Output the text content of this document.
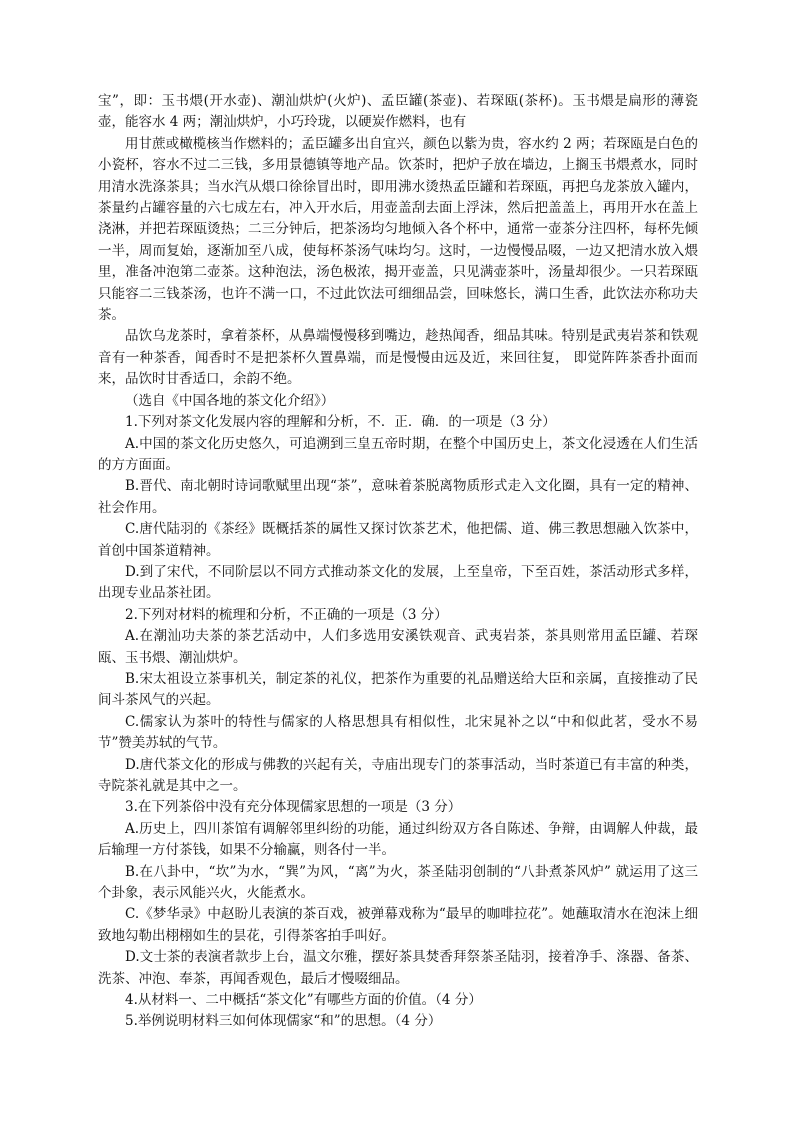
宝”，即：玉书煨(开水壶)、潮汕烘炉(火炉)、孟臣罐(茶壶)、若琛瓯(茶杯)。玉书煨是扁形的薄瓷壶，能容水 4 两；潮汕烘炉，小巧玲珑，以硬炭作燃料，也有

用甘蔗或橄榄核当作燃料的；孟臣罐多出自宜兴，颜色以紫为贵，容水约 2 两；若琛瓯是白色的小瓷杯，容水不过二三钱，多用景德镇等地产品。饮茶时，把炉子放在墙边，上搁玉书煨煮水，同时用清水洗涤茶具；当水汽从煨口徐徐冒出时，即用沸水烫热孟臣罐和若琛瓯，再把乌龙茶放入罐内，茶量约占罐容量的六七成左右，冲入开水后，用壶盖刮去面上浮沫，然后把盖盖上，再用开水在盖上浇淋，并把若琛瓯烫热；二三分钟后，把茶汤均匀地倾入各个杯中，通常一壶茶分注四杯，每杯先倾一半，周而复始，逐渐加至八成，使每杯茶汤气味均匀。这时，一边慢慢品啜，一边又把清水放入煨里，准备冲泡第二壶茶。这种泡法，汤色极浓，揭开壶盖，只见满壶茶叶，汤量却很少。一只若琛瓯只能容二三钱茶汤，也许不满一口，不过此饮法可细细品尝，回味悠长，满口生香，此饮法亦称功夫茶。

品饮乌龙茶时，拿着茶杯，从鼻端慢慢移到嘴边，趁热闻香，细品其味。特别是武夷岩茶和铁观音有一种茶香，闻香时不是把茶杯久置鼻端，而是慢慢由远及近，来回往复， 即觉阵阵茶香扑面而来，品饮时甘香适口，余韵不绝。

（选自《中国各地的茶文化介绍》）

1.下列对茶文化发展内容的理解和分析，不．正．确．的一项是（3 分）

A.中国的茶文化历史悠久，可追溯到三皇五帝时期，在整个中国历史上，茶文化浸透在人们生活的方方面面。

B.晋代、南北朝时诗词歌赋里出现“茶”，意味着茶脱离物质形式走入文化圈，具有一定的精神、社会作用。

C.唐代陆羽的《茶经》既概括茶的属性又探讨饮茶艺术，他把儒、道、佛三教思想融入饮茶中，首创中国茶道精神。

D.到了宋代，不同阶层以不同方式推动茶文化的发展，上至皇帝，下至百姓，茶活动形式多样，出现专业品茶社团。

2.下列对材料的梳理和分析，不正确的一项是（3 分）

A.在潮汕功夫茶的茶艺活动中，人们多选用安溪铁观音、武夷岩茶，茶具则常用孟臣罐、若琛瓯、玉书煨、潮汕烘炉。

B.宋太祖设立茶事机关，制定茶的礼仪，把茶作为重要的礼品赠送给大臣和亲属，直接推动了民间斗茶风气的兴起。

C.儒家认为茶叶的特性与儒家的人格思想具有相似性，北宋晁补之以“中和似此茗，受水不易节”赞美苏轼的气节。

D.唐代茶文化的形成与佛教的兴起有关，寺庙出现专门的茶事活动，当时茶道已有丰富的种类，寺院茶礼就是其中之一。

3.在下列茶俗中没有充分体现儒家思想的一项是（3 分）

A.历史上，四川茶馆有调解邻里纠纷的功能，通过纠纷双方各自陈述、争辩，由调解人仲裁，最后输理一方付茶钱，如果不分输赢，则各付一半。

B.在八卦中，“坎”为水，“巽”为风，“离”为火，茶圣陆羽创制的“八卦煮茶风炉” 就运用了这三个卦象，表示风能兴火，火能煮水。

C.《梦华录》中赵盼儿表演的茶百戏，被弹幕戏称为“最早的咖啡拉花”。她蘸取清水在泡沫上细致地勾勒出栩栩如生的昙花，引得茶客拍手叫好。

D.文士茶的表演者款步上台，温文尔雅，摆好茶具焚香拜祭茶圣陆羽，接着净手、涤器、备茶、洗茶、冲泡、奉茶，再闻香观色，最后才慢啜细品。

4.从材料一、二中概括“茶文化”有哪些方面的价值。（4 分）

5.举例说明材料三如何体现儒家“和”的思想。（4 分）
